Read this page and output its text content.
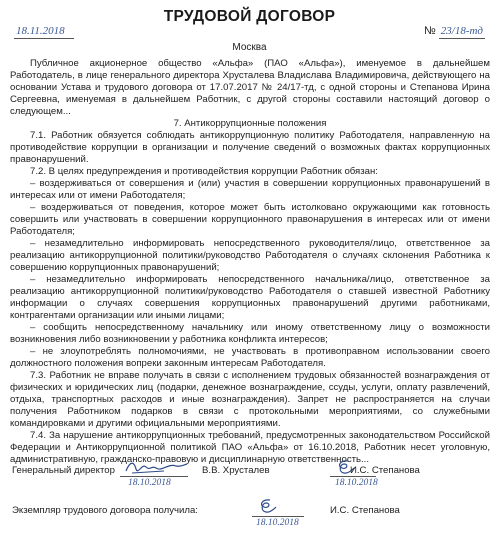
ТРУДОВОЙ ДОГОВОР
18.11.2018	№ 23/18-тд
Москва

Публичное акционерное общество «Альфа» (ПАО «Альфа»), именуемое в дальнейшем Работодатель, в лице генерального директора Хрусталева Владислава Владимировича, действующего на основании Устава и трудового договора от 17.07.2017 № 24/17-тд, с одной стороны и Степанова Ирина Сергеевна, именуемая в дальнейшем Работник, с другой стороны составили настоящий договор о следующем...

7. Антикоррупционные положения

7.1. Работник обязуется соблюдать антикоррупционную политику Работодателя, направленную на противодействие коррупции в организации и получение сведений о возможных фактах коррупционных правонарушений.

7.2. В целях предупреждения и противодействия коррупции Работник обязан:

– воздерживаться от совершения и (или) участия в совершении коррупционных правонарушений в интересах или от имени Работодателя;

– воздерживаться от поведения, которое может быть истолковано окружающими как готовность совершить или участвовать в совершении коррупционного правонарушения в интересах или от имени Работодателя;

– незамедлительно информировать непосредственного руководителя/лицо, ответственное за реализацию антикоррупционной политики/руководство Работодателя о случаях склонения Работника к совершению коррупционных правонарушений;

– незамедлительно информировать непосредственного начальника/лицо, ответственное за реализацию антикоррупционной политики/руководство Работодателя о ставшей известной Работнику информации о случаях совершения коррупционных правонарушений другими работниками, контрагентами организации или иными лицами;

– сообщить непосредственному начальнику или иному ответственному лицу о возможности возникновения либо возникновении у работника конфликта интересов;

– не злоупотреблять полномочиями, не участвовать в противоправном использовании своего должностного положения вопреки законным интересам Работодателя.

7.3. Работник не вправе получать в связи с исполнением трудовых обязанностей вознаграждения от физических и юридических лиц (подарки, денежное вознаграждение, ссуды, услуги, оплату развлечений, отдыха, транспортных расходов и иные вознаграждения). Запрет не распространяется на случаи получения Работником подарков в связи с протокольными мероприятиями, со служебными командировками и другими официальными мероприятиями.

7.4. За нарушение антикоррупционных требований, предусмотренных законодательством Российской Федерации и Антикоррупционной политикой ПАО «Альфа» от 16.10.2018, Работник несет уголовную, административную, гражданско-правовую и дисциплинарную ответственность...

Генеральный директор	В.В. Хрусталев
18.10.2018
И.С. Степанова
18.10.2018
Экземпляр трудового договора получила:	И.С. Степанова
18.10.2018
